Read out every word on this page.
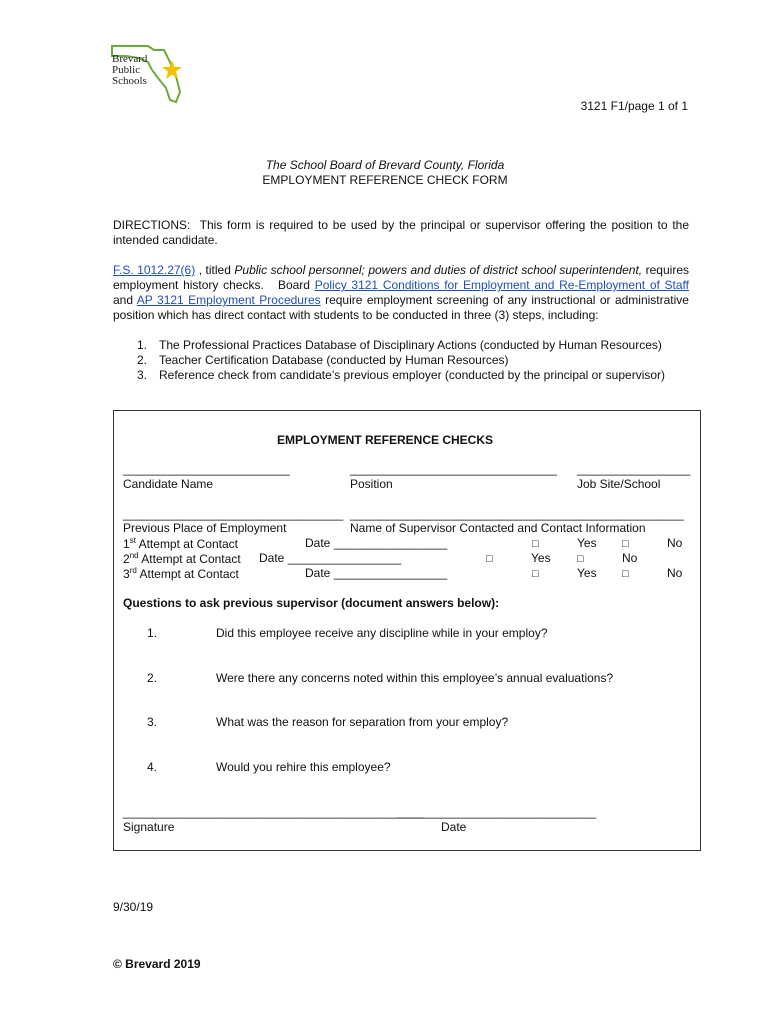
Brevard
Public
Schools
3121 F1/page 1 of 1
The School Board of Brevard County, Florida
EMPLOYMENT REFERENCE CHECK FORM
DIRECTIONS: This form is required to be used by the principal or supervisor offering the position to the intended candidate.
F.S. 1012.27(6) , titled Public school personnel; powers and duties of district school superintendent, requires employment history checks.   Board Policy 3121 Conditions for Employment and Re-Employment of Staff and AP 3121 Employment Procedures require employment screening of any instructional or administrative position which has direct contact with students to be conducted in three (3) steps, including:
1. The Professional Practices Database of Disciplinary Actions (conducted by Human Resources)
2. Teacher Certification Database (conducted by Human Resources)
3. Reference check from candidate’s previous employer (conducted by the principal or supervisor)
EMPLOYMENT REFERENCE CHECKS
_________________________	_______________________________ _________________
Candidate Name	Position	Job Site/School
_________________________________ __________________________________________________
Previous Place of Employment	Name of Supervisor Contacted and Contact Information
1st Attempt at Contact	Date _________________	□	Yes □	No
2nd Attempt at Contact Date _________________	□	Yes □	No
3rd Attempt at Contact	Date _________________	□	Yes □	No
Questions to ask previous supervisor (document answers below):
1.	Did this employee receive any discipline while in your employ?
2.	Were there any concerns noted within this employee’s annual evaluations?
3.	What was the reason for separation from your employ?
4.	Would you rehire this employee?
_____________________________________________
______________________________
Signature	Date
9/30/19
© Brevard 2019
